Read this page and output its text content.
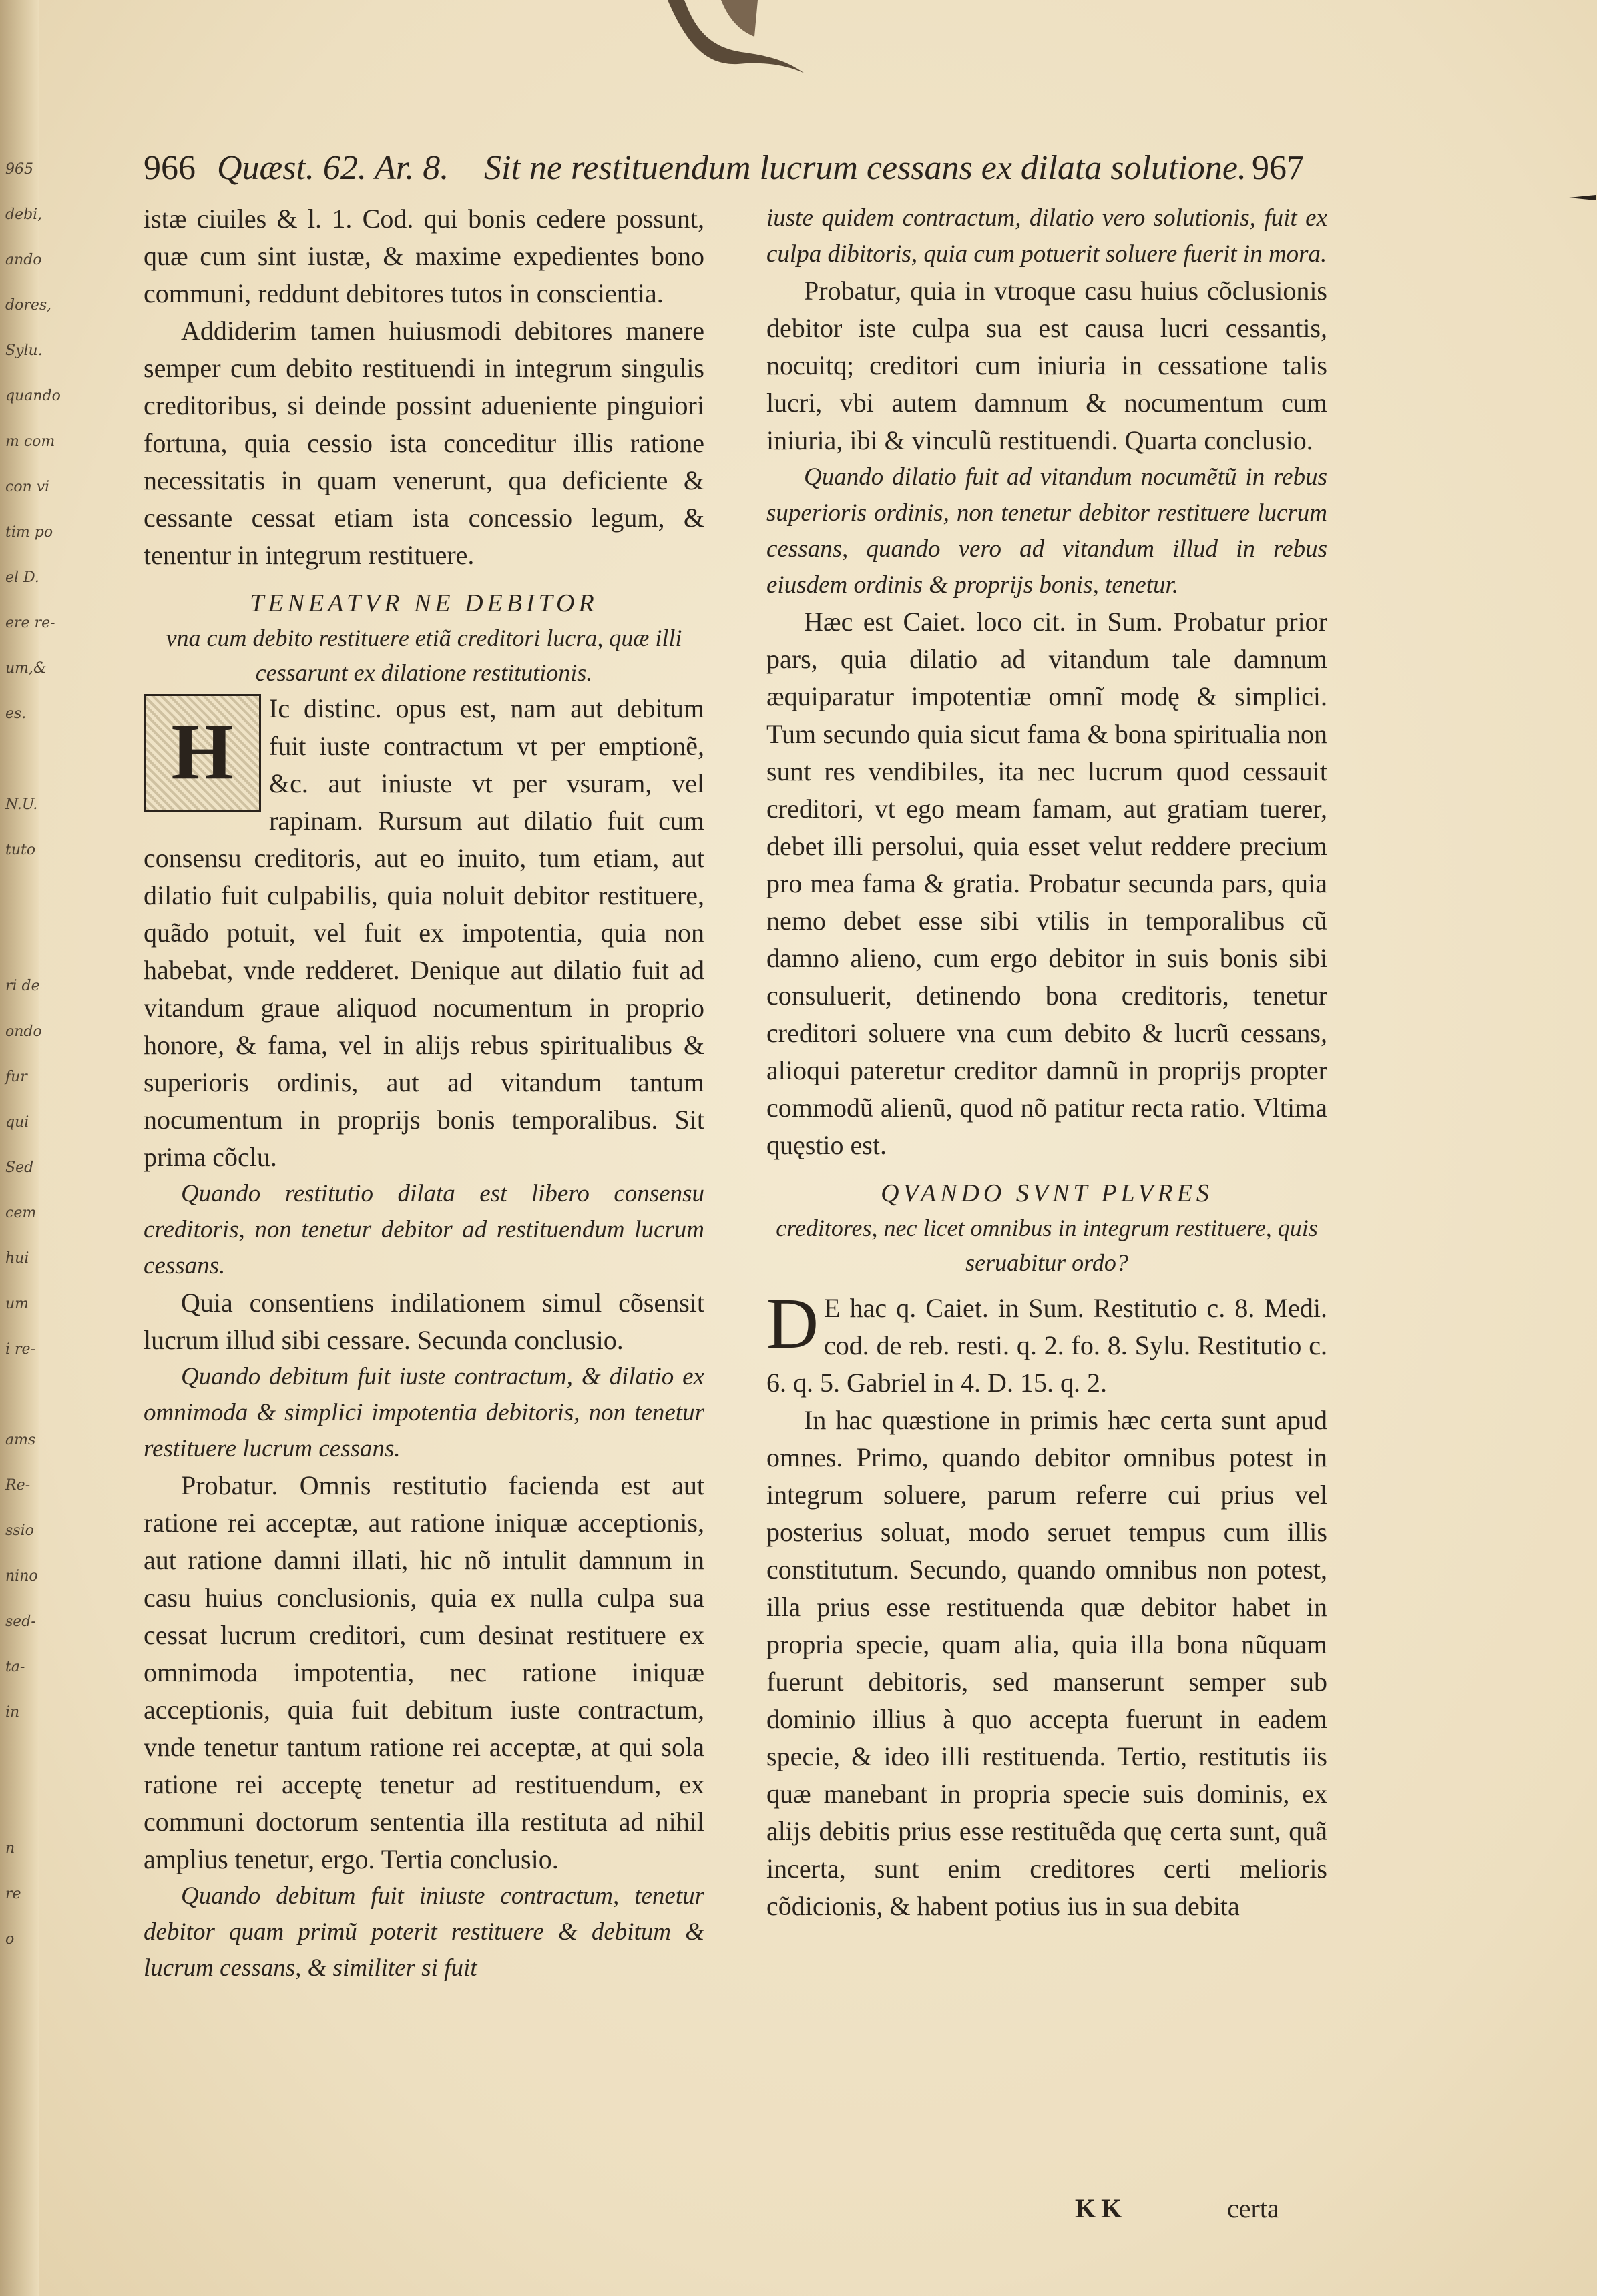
965
debi,
ando
dores,
Sylu.
quando
m com
con vi
tim po
el D.
ere re-
um,&
es.

N.U.
tuto

ri de
ondo
fur
qui
Sed
cem
hui
um
i re-

ams
Re-
ssio
nino
sed-
ta-
in

n
re
o
966 Quæst. 62. Ar. 8. Sit ne restituendum lucrum cessans ex dilata solutione. 967

istæ ciuiles & l. 1. Cod. qui bonis cedere possunt, quæ cum sint iustæ, & maxime expedientes bono communi, reddunt debitores tutos in conscientia.

Addiderim tamen huiusmodi debitores manere semper cum debito restituendi in integrum singulis creditoribus, si deinde possint adueniente pinguiori fortuna, quia cessio ista conceditur illis ratione necessitatis in quam venerunt, qua deficiente & cessante cessat etiam ista concessio legum, & tenentur in integrum restituere.

TENEATVR NE DEBITOR
vna cum debito restituere etiã creditori lucra, quæ illi cessarunt ex dilatione restitutionis.

H	Ic distinc. opus est, nam aut debitum fuit iuste contractum vt per emptionẽ, &c. aut iniuste vt per vsuram, vel rapinam. Rursum aut dilatio fuit cum consensu creditoris, aut eo inuito, tum etiam, aut dilatio fuit culpabilis, quia noluit debitor restituere, quãdo potuit, vel fuit ex impotentia, quia non habebat, vnde redderet. Denique aut dilatio fuit ad vitandum graue aliquod nocumentum in proprio honore, & fama, vel in alijs rebus spiritualibus & superioris ordinis, aut ad vitandum tantum nocumentum in proprijs bonis temporalibus. Sit prima cõclu.

Quando restitutio dilata est libero consensu creditoris, non tenetur debitor ad restituendum lucrum cessans.

Quia consentiens indilationem simul cõsensit lucrum illud sibi cessare. Secunda conclusio.

Quando debitum fuit iuste contractum, & dilatio ex omnimoda & simplici impotentia debitoris, non tenetur restituere lucrum cessans.

Probatur. Omnis restitutio facienda est aut ratione rei acceptæ, aut ratione iniquæ acceptionis, aut ratione damni illati, hic nõ intulit damnum in casu huius conclusionis, quia ex nulla culpa sua cessat lucrum creditori, cum desinat restituere ex omnimoda impotentia, nec ratione iniquæ acceptionis, quia fuit debitum iuste contractum, vnde tenetur tantum ratione rei acceptæ, at qui sola ratione rei acceptę tenetur ad restituendum, ex communi doctorum sententia illa restituta ad nihil amplius tenetur, ergo. Tertia conclusio.

Quando debitum fuit iniuste contractum, tenetur debitor quam primũ poterit restituere & debitum & lucrum cessans, & similiter si fuit

iuste quidem contractum, dilatio vero solutionis, fuit ex culpa dibitoris, quia cum potuerit soluere fuerit in mora.

Probatur, quia in vtroque casu huius cõclusionis debitor iste culpa sua est causa lucri cessantis, nocuitq; creditori cum iniuria in cessatione talis lucri, vbi autem damnum & nocumentum cum iniuria, ibi & vinculũ restituendi. Quarta conclusio.

Quando dilatio fuit ad vitandum nocumẽtũ in rebus superioris ordinis, non tenetur debitor restituere lucrum cessans, quando vero ad vitandum illud in rebus eiusdem ordinis & proprijs bonis, tenetur.

Hæc est Caiet. loco cit. in Sum. Probatur prior pars, quia dilatio ad vitandum tale damnum æquiparatur impotentiæ omnĩ modę & simplici. Tum secundo quia sicut fama & bona spiritualia non sunt res vendibiles, ita nec lucrum quod cessauit creditori, vt ego meam famam, aut gratiam tuerer, debet illi persolui, quia esset velut reddere precium pro mea fama & gratia. Probatur secunda pars, quia nemo debet esse sibi vtilis in temporalibus cũ damno alieno, cum ergo debitor in suis bonis sibi consuluerit, detinendo bona creditoris, tenetur creditori soluere vna cum debito & lucrũ cessans, alioqui pateretur creditor damnũ in proprijs propter commodũ alienũ, quod nõ patitur recta ratio. Vltima quęstio est.

QVANDO SVNT PLVRES
creditores, nec licet omnibus in integrum restituere, quis seruabitur ordo?

D E hac q. Caiet. in Sum. Restitutio c. 8. Medi. cod. de reb. resti. q. 2. fo. 8. Sylu. Restitutio c. 6. q. 5. Gabriel in 4. D. 15. q. 2.

In hac quæstione in primis hæc certa sunt apud omnes. Primo, quando debitor omnibus potest in integrum soluere, parum referre cui prius vel posterius soluat, modo seruet tempus cum illis constitutum. Secundo, quando omnibus non potest, illa prius esse restituenda quæ debitor habet in propria specie, quam alia, quia illa bona nũquam fuerunt debitoris, sed manserunt semper sub dominio illius à quo accepta fuerunt in eadem specie, & ideo illi restituenda. Tertio, restitutis iis quæ manebant in propria specie suis dominis, ex alijs debitis prius esse restituẽda quę certa sunt, quã incerta, sunt enim creditores certi melioris cõdicionis, & habent potius ius in sua debita

KK	certa
